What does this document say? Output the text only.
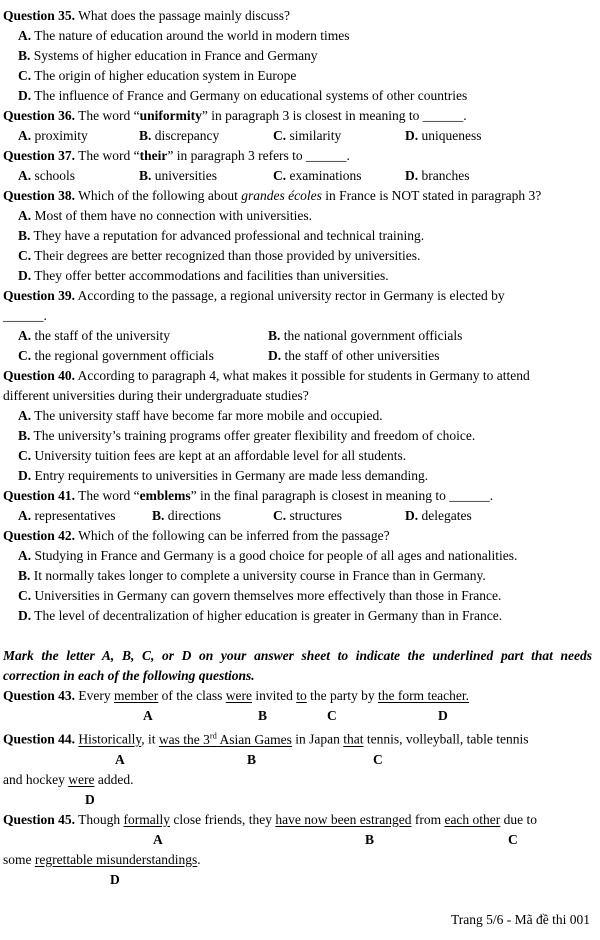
Question 35. What does the passage mainly discuss?
A. The nature of education around the world in modern times
B. Systems of higher education in France and Germany
C. The origin of higher education system in Europe
D. The influence of France and Germany on educational systems of other countries
Question 36. The word “uniformity” in paragraph 3 is closest in meaning to ______.
A. proximity	B. discrepancy	C. similarity	D. uniqueness
Question 37. The word “their” in paragraph 3 refers to ______.
A. schools	B. universities	C. examinations	D. branches
Question 38. Which of the following about grandes écoles in France is NOT stated in paragraph 3?
A. Most of them have no connection with universities.
B. They have a reputation for advanced professional and technical training.
C. Their degrees are better recognized than those provided by universities.
D. They offer better accommodations and facilities than universities.
Question 39. According to the passage, a regional university rector in Germany is elected by
______.
A. the staff of the university	B. the national government officials
C. the regional government officials	D. the staff of other universities
Question 40. According to paragraph 4, what makes it possible for students in Germany to attend
different universities during their undergraduate studies?
A. The university staff have become far more mobile and occupied.
B. The university’s training programs offer greater flexibility and freedom of choice.
C. University tuition fees are kept at an affordable level for all students.
D. Entry requirements to universities in Germany are made less demanding.
Question 41. The word “emblems” in the final paragraph is closest in meaning to ______.
A. representatives	B. directions	C. structures	D. delegates
Question 42. Which of the following can be inferred from the passage?
A. Studying in France and Germany is a good choice for people of all ages and nationalities.
B. It normally takes longer to complete a university course in France than in Germany.
C. Universities in Germany can govern themselves more effectively than those in France.
D. The level of decentralization of higher education is greater in Germany than in France.
Mark the letter A, B, C, or D on your answer sheet to indicate the underlined part that needs
correction in each of the following questions.
Question 43. Every member of the class were invited to the party by the form teacher.
A	B	C	D
Question 44. Historically, it was the 3rd Asian Games in Japan that tennis, volleyball, table tennis
A	B	C
and hockey were added.
D
Question 45. Though formally close friends, they have now been estranged from each other due to
A	B	C
some regrettable misunderstandings.
D
Trang 5/6 - Mã đề thi 001
